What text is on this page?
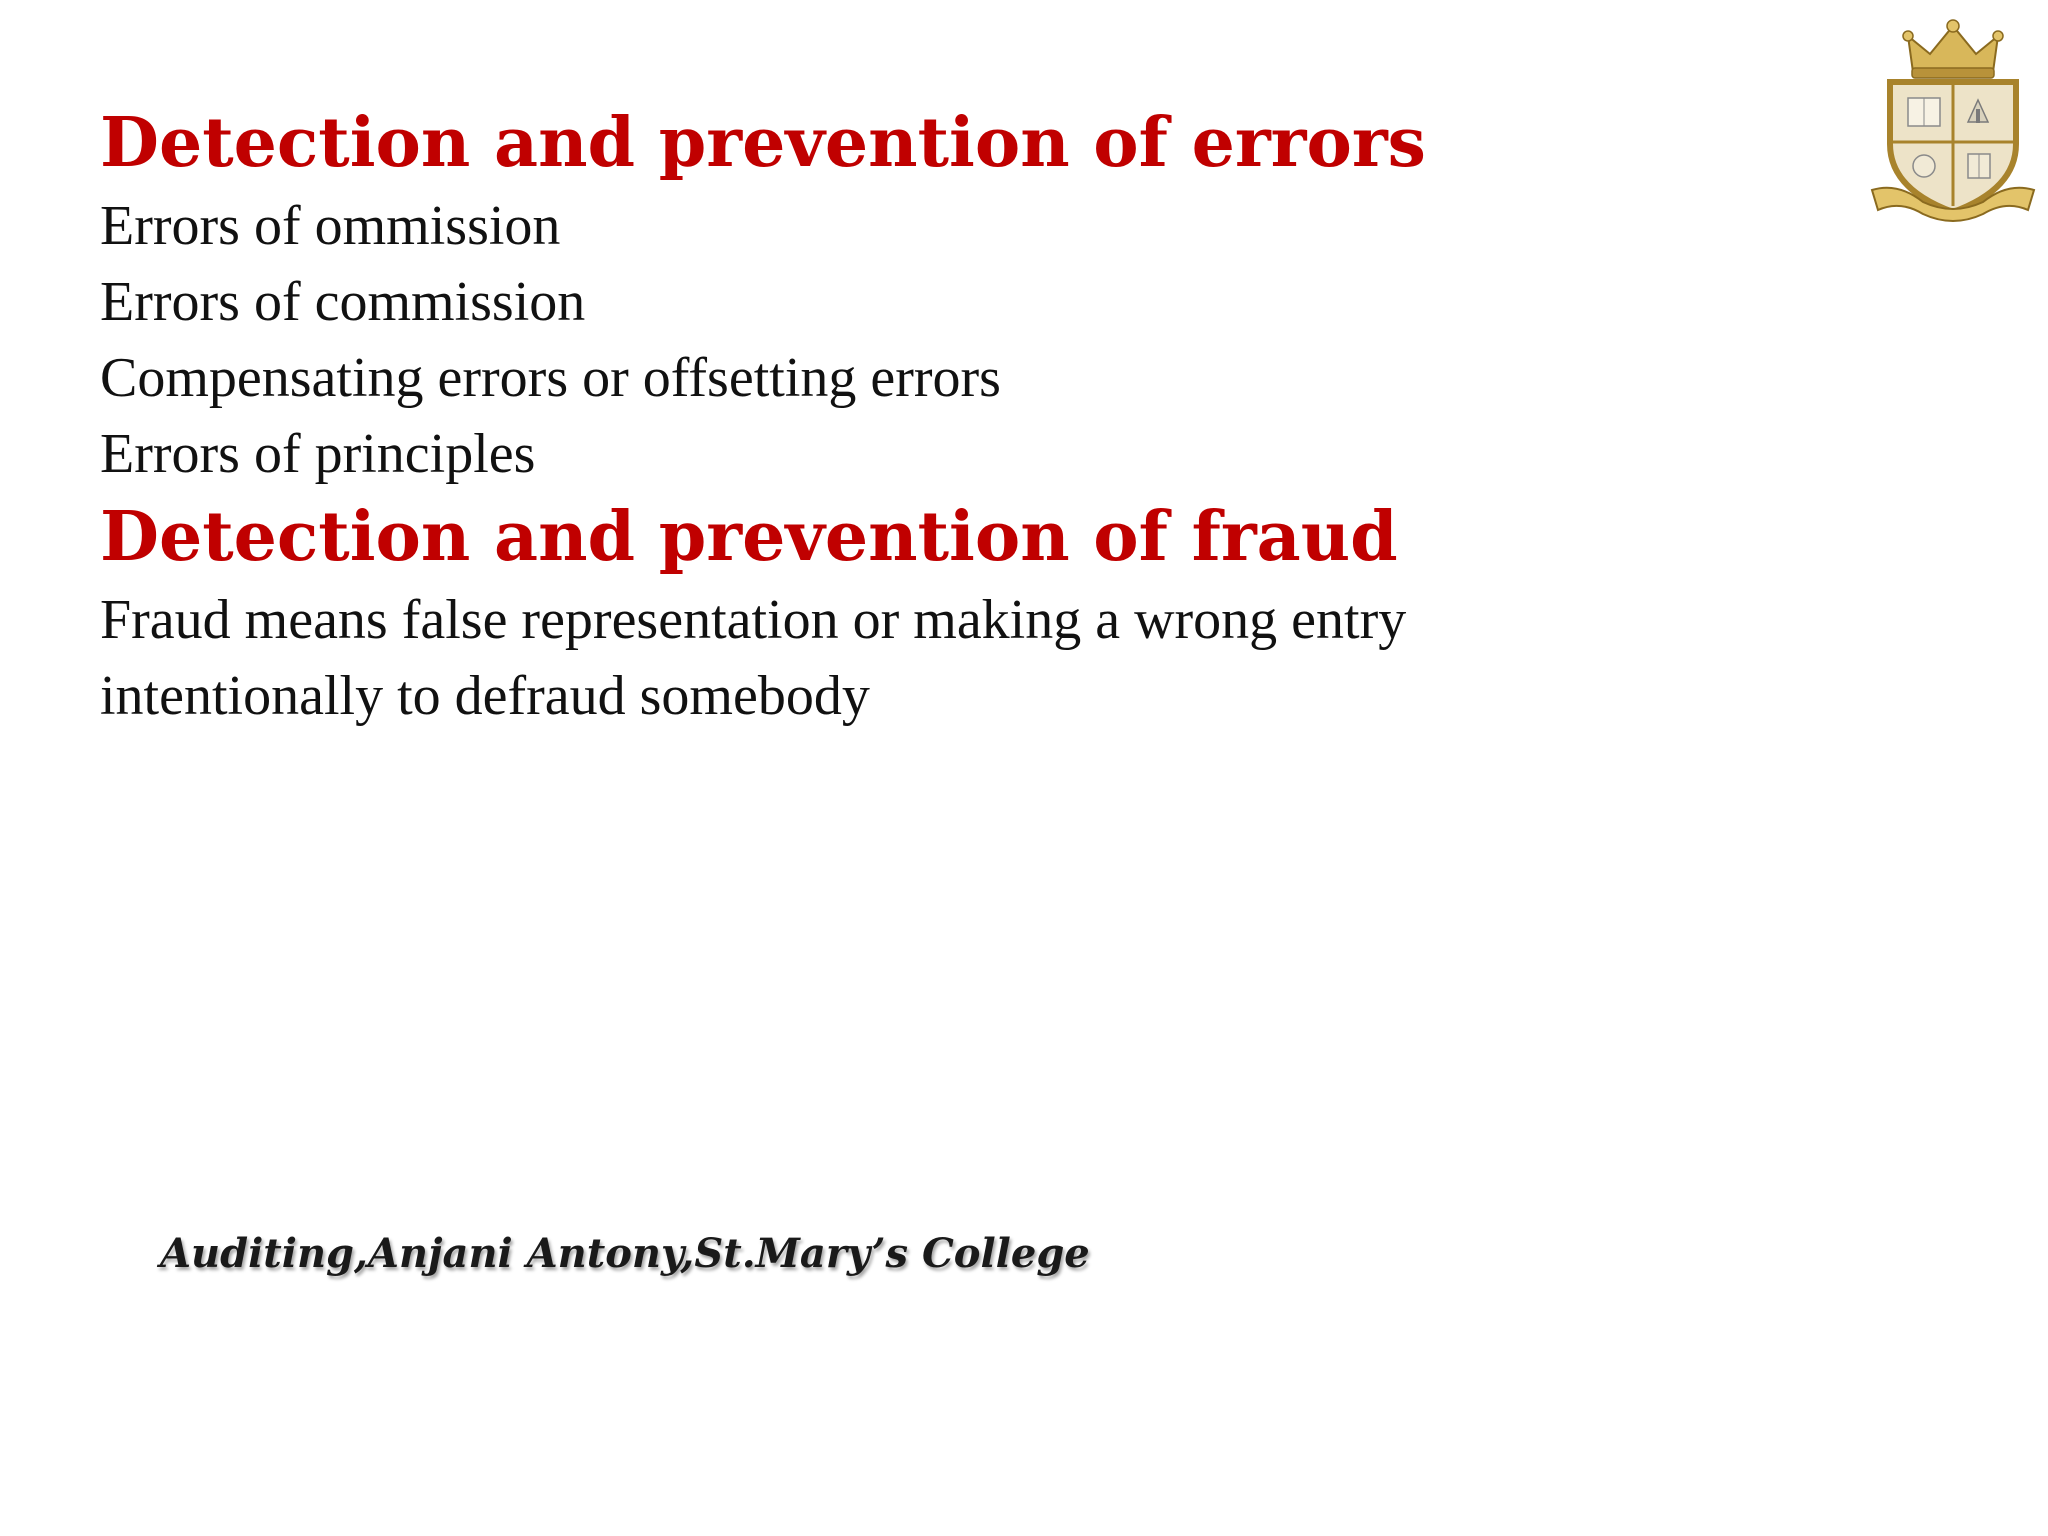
Detection and prevention of errors

Errors of ommission

Errors of commission

Compensating errors or offsetting errors

Errors of principles

Detection and prevention of fraud

Fraud means false representation or making a wrong entry intentionally to defraud somebody

Auditing,Anjani Antony,St.Mary’s College
